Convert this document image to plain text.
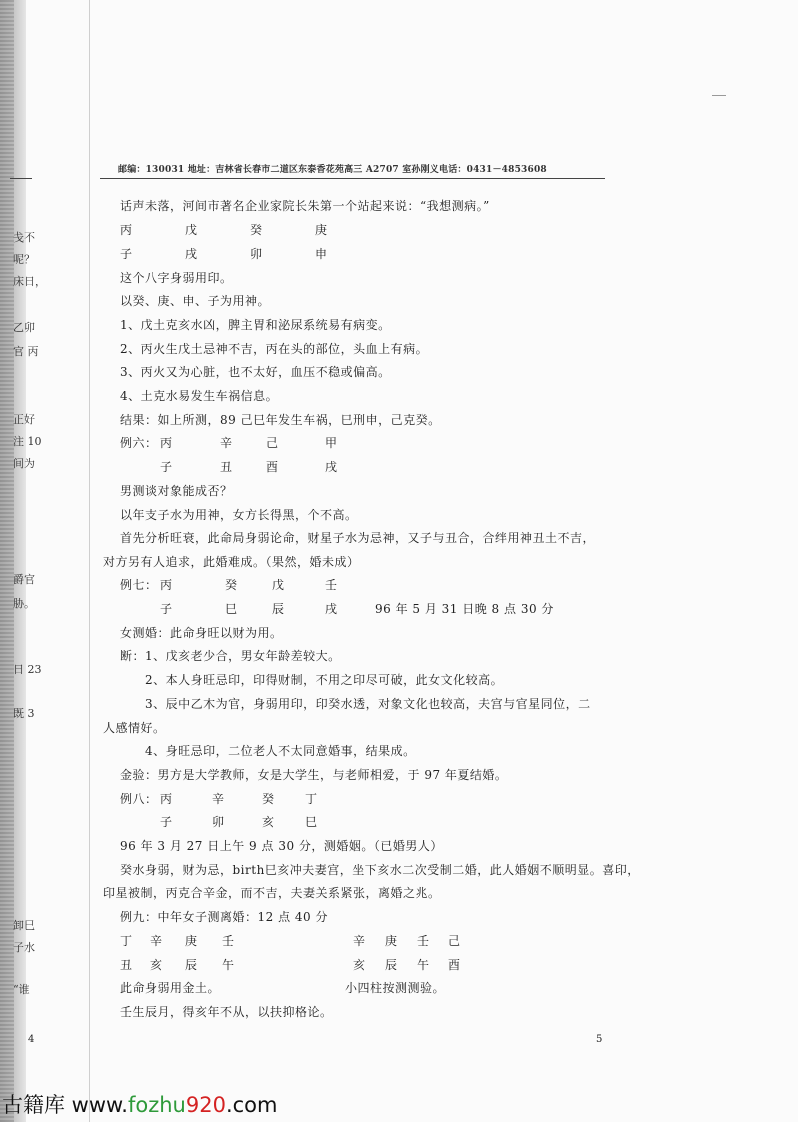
戋不
呢？
床日，
乙卯
官 丙
正好
注 10
间为
爵官
胁。
日 23
既 3
卸巳
子水
“谁
4
邮编：130031 地址：吉林省长春市二道区东泰香花苑高三 A2707 室孙刚义电话：0431－4853608
话声未落，河间市著名企业家院长朱第一个站起来说：“我想测病。”
丙	戊	癸	庚
子	戌	卯	申
这个八字身弱用印。
以癸、庚、申、子为用神。
1、戊土克亥水凶，脾主胃和泌尿系统易有病变。
2、丙火生戊土忌神不吉，丙在头的部位，头血上有病。
3、丙火又为心脏，也不太好，血压不稳或偏高。
4、土克水易发生车祸信息。
结果：如上所测，89 己巳年发生车祸，巳刑申，己克癸。
例六： 丙	辛	己	甲
子	丑	酉	戌
男测谈对象能成否？
以年支子水为用神，女方长得黑，个不高。
首先分析旺衰，此命局身弱论命，财星子水为忌神，又子与丑合，合绊用神丑土不吉，
对方另有人追求，此婚难成。（果然，婚未成）
例七： 丙	癸	戊	壬
子	巳	辰	戌	96 年 5 月 31 日晚 8 点 30 分
女测婚：此命身旺以财为用。
断：1、戊亥老少合，男女年龄差较大。
2、本人身旺忌印，印得财制，不用之印尽可破，此女文化较高。
3、辰中乙木为官，身弱用印，印癸水透，对象文化也较高，夫宫与官星同位，二
人感情好。
4、身旺忌印，二位老人不太同意婚事，结果成。
金验：男方是大学教师，女是大学生，与老师相爱，于 97 年夏结婚。
例八： 丙	辛	癸	丁
子	卯	亥	巳
96 年 3 月 27 日上午 9 点 30 分，测婚姻。（已婚男人）
癸水身弱，财为忌，birth巳亥冲夫妻宫，坐下亥水二次受制二婚，此人婚姻不顺明显。喜印，
印星被制，丙克合辛金，而不吉，夫妻关系紧张，离婚之兆。
例九：中年女子测离婚：12 点 40 分
丁 辛 庚 壬
丑 亥 辰 午
辛 庚 壬 己
亥 辰 午 酉
此命身弱用金土。	小四柱按测测验。
壬生辰月，得亥年不从，以扶抑格论。
5
古籍库 www.fozhu920.com
